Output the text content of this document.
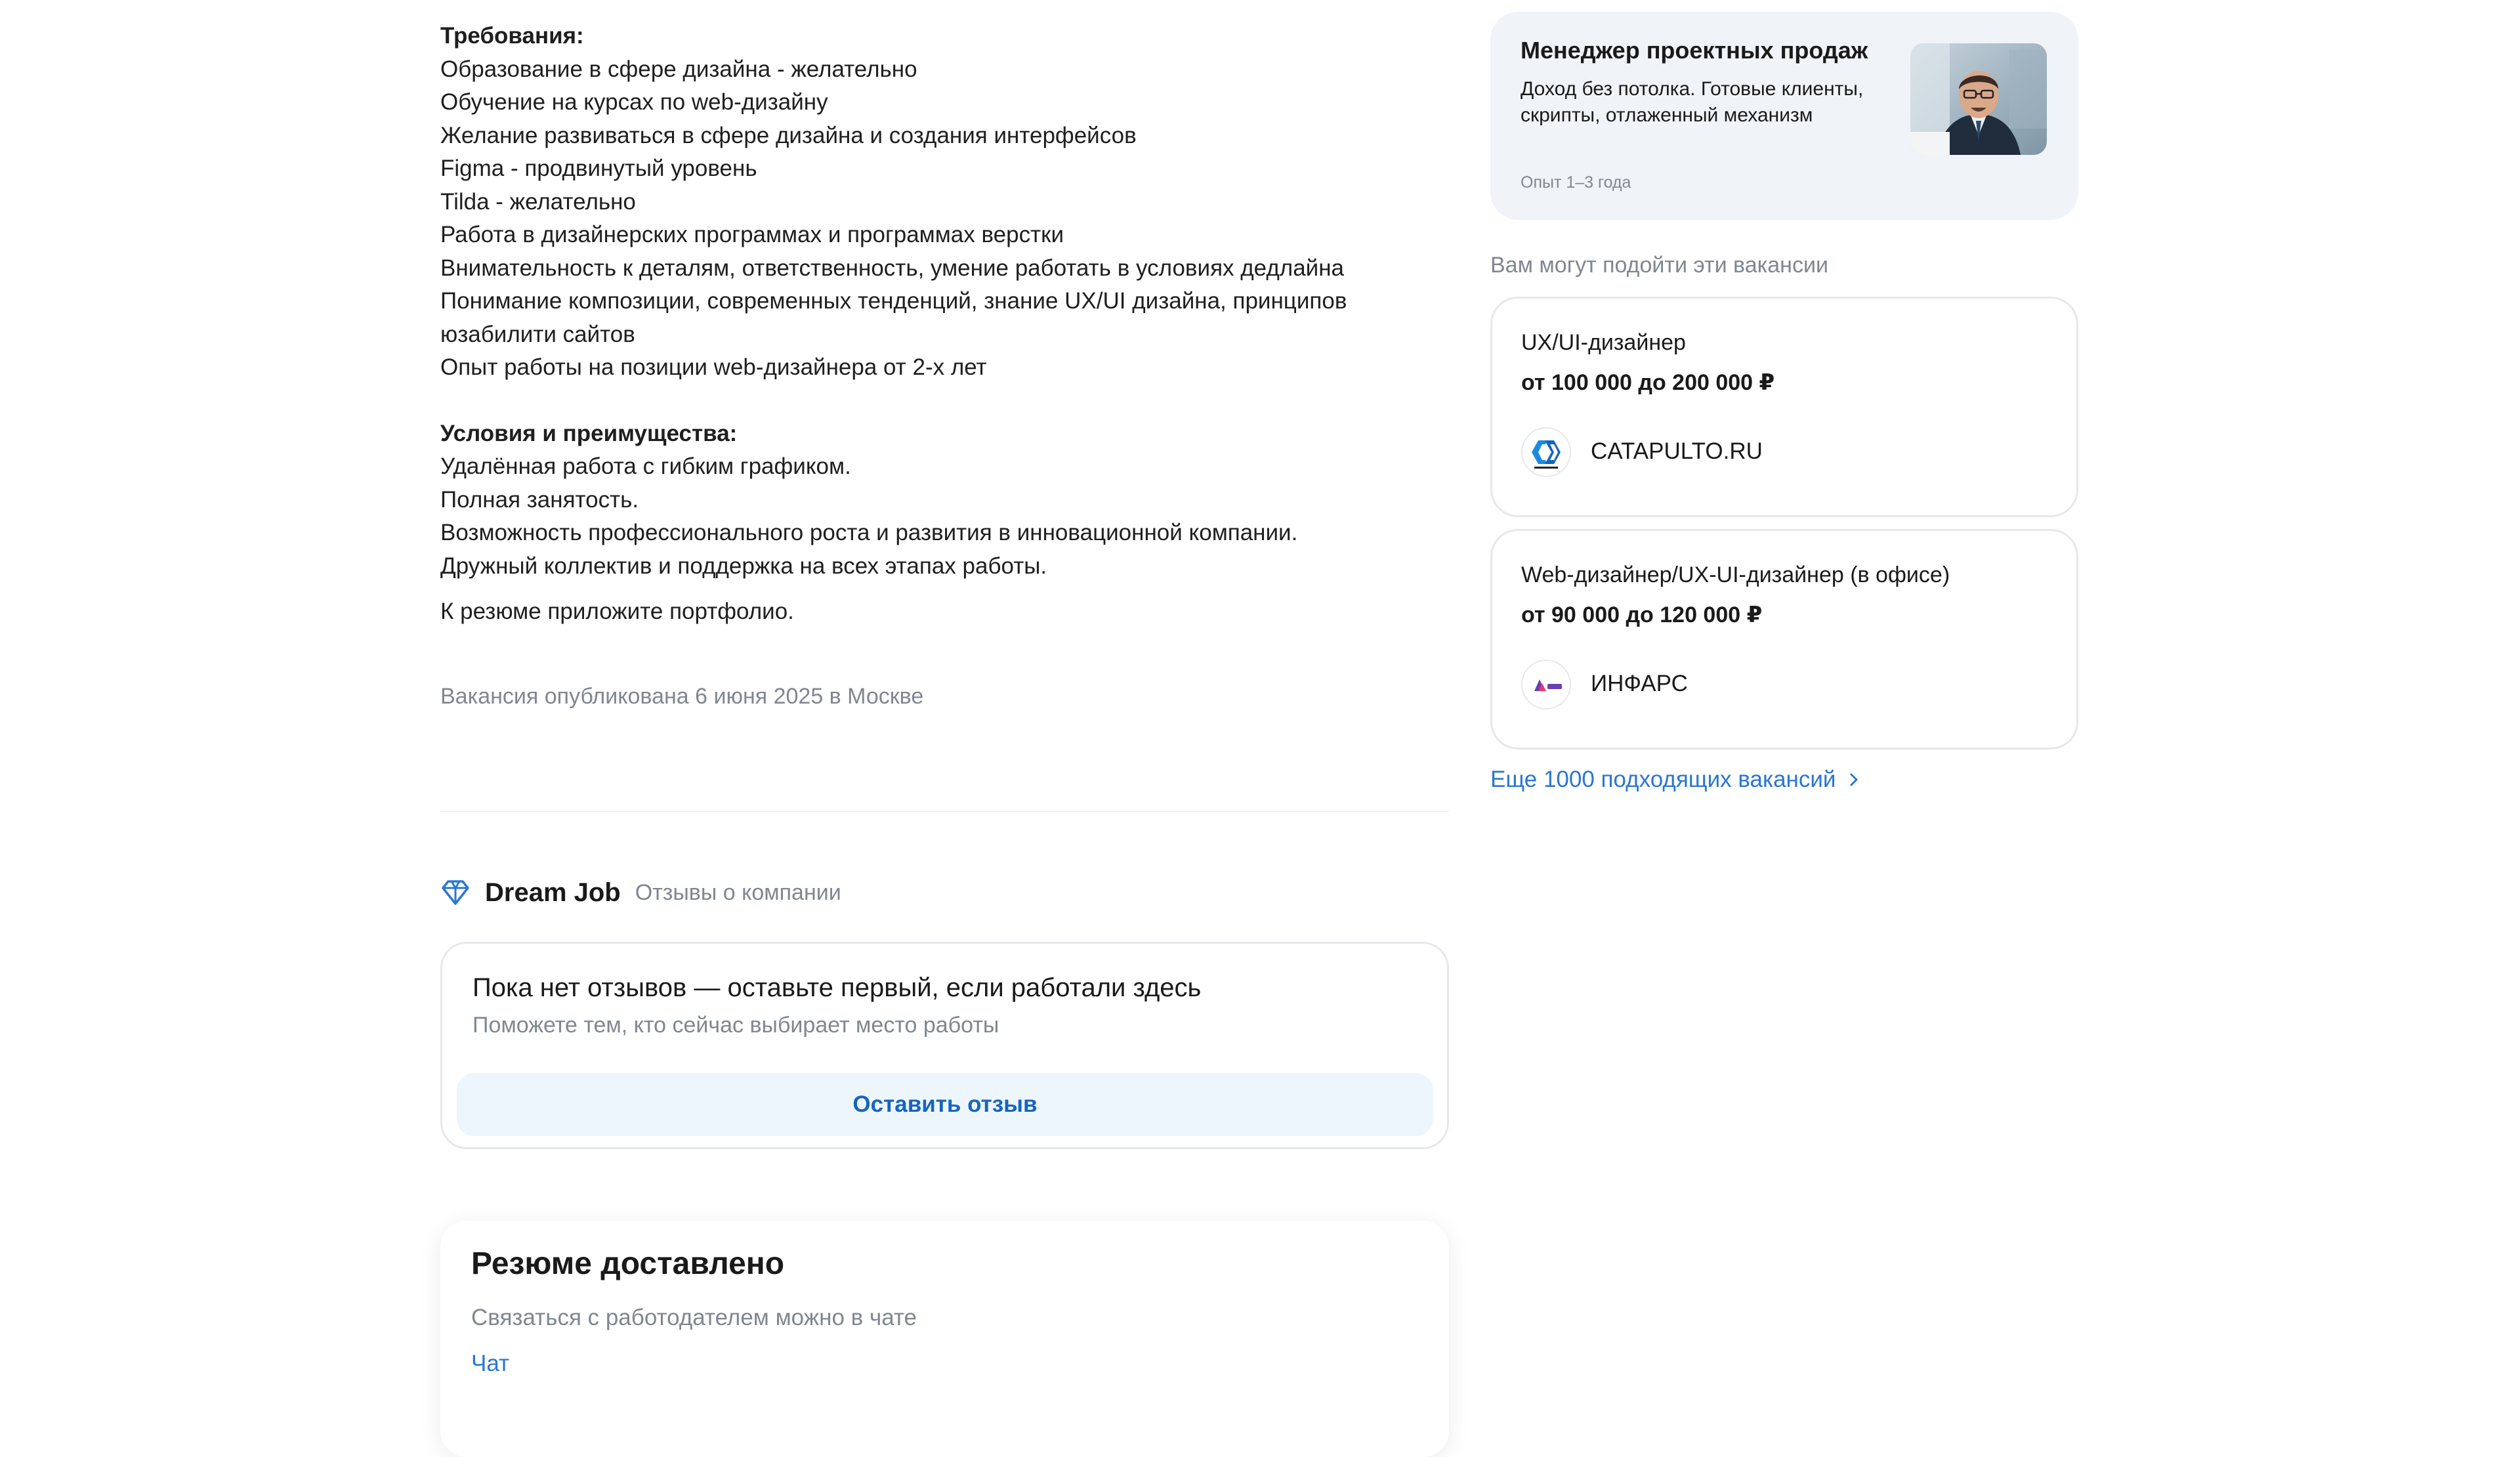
Требования:
Образование в сфере дизайна - желательно
Обучение на курсах по web-дизайну
Желание развиваться в сфере дизайна и создания интерфейсов
Figma - продвинутый уровень
Tilda - желательно
Работа в дизайнерских программах и программах верстки
Внимательность к деталям, ответственность, умение работать в условиях дедлайна
Понимание композиции, современных тенденций, знание UX/UI дизайна, принципов юзабилити сайтов
Опыт работы на позиции web-дизайнера от 2-х лет
Условия и преимущества:
Удалённая работа с гибким графиком.
Полная занятость.
Возможность профессионального роста и развития в инновационной компании.
Дружный коллектив и поддержка на всех этапах работы.
К резюме приложите портфолио.
Вакансия опубликована 6 июня 2025 в Москве
Dream Job Отзывы о компании
Пока нет отзывов — оставьте первый, если работали здесь
Поможете тем, кто сейчас выбирает место работы
Оставить отзыв
Резюме доставлено
Связаться с работодателем можно в чате
Чат
Менеджер проектных продаж
Доход без потолка. Готовые клиенты, скрипты, отлаженный механизм
Опыт 1–3 года
Вам могут подойти эти вакансии
UX/UI-дизайнер
от 100 000 до 200 000 ₽
CATAPULTO.RU
Web-дизайнер/UX-UI-дизайнер (в офисе)
от 90 000 до 120 000 ₽
ИНФАРС
Еще 1000 подходящих вакансий
